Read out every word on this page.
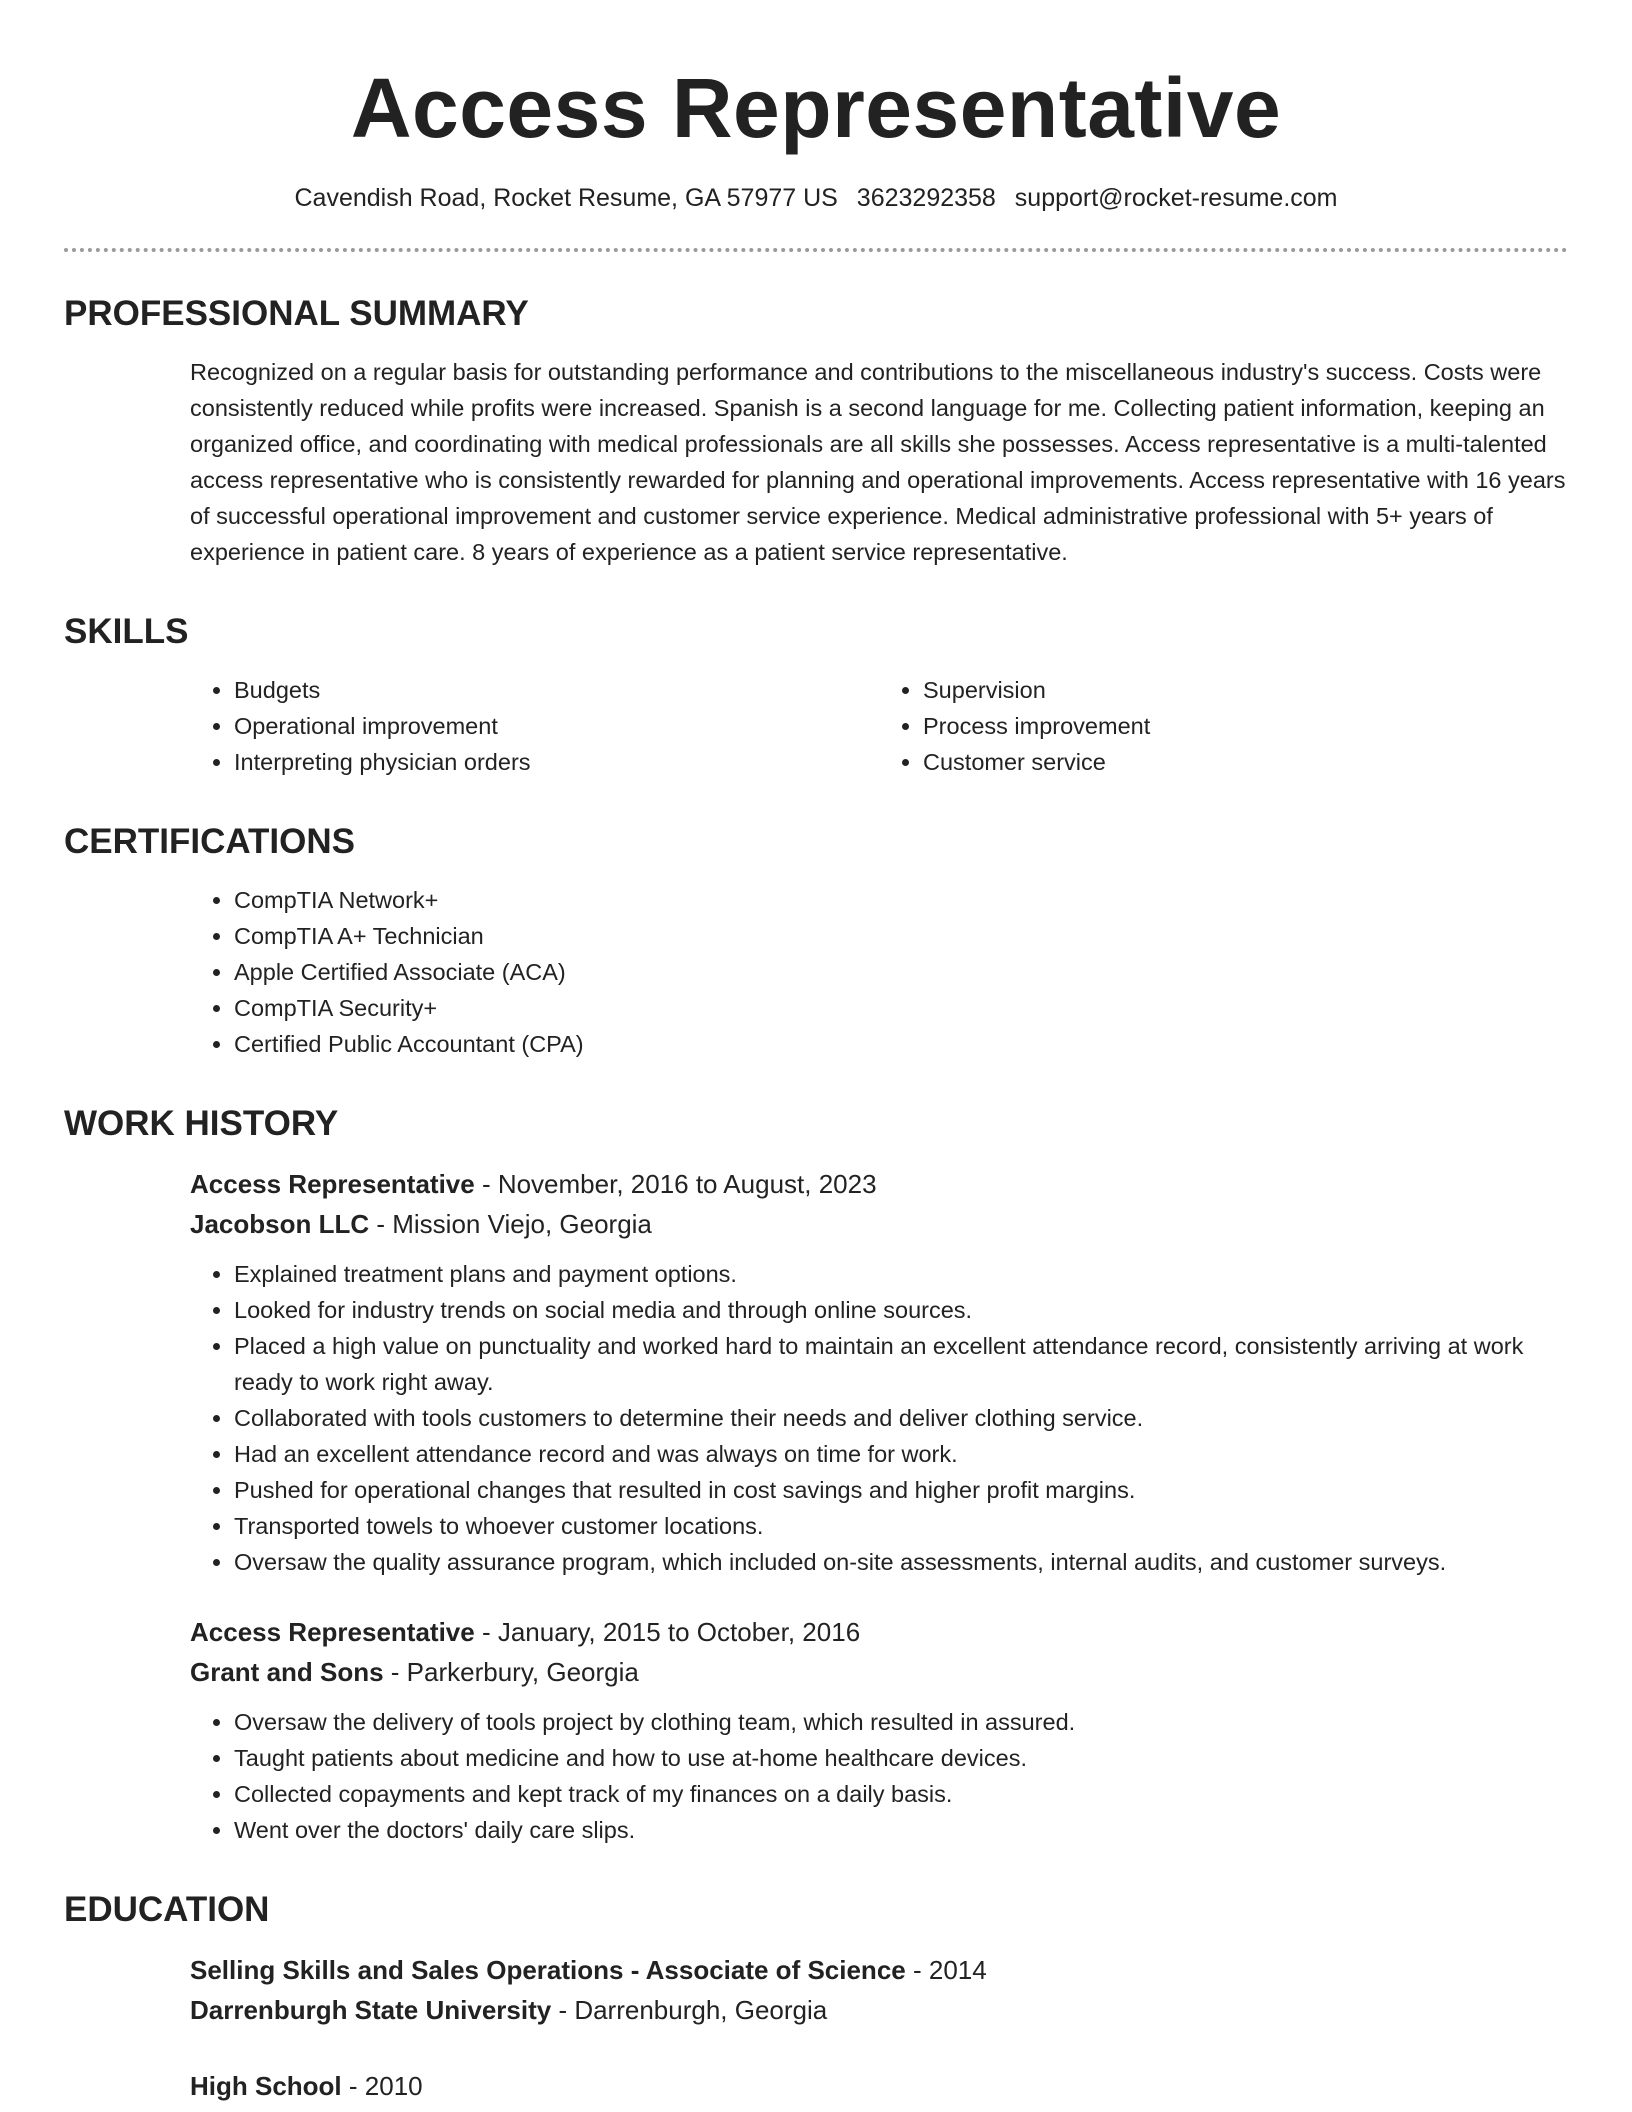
Access Representative
Cavendish Road, Rocket Resume, GA 57977 US 3623292358 support@rocket-resume.com
PROFESSIONAL SUMMARY

Recognized on a regular basis for outstanding performance and contributions to the miscellaneous industry's success. Costs were consistently reduced while profits were increased. Spanish is a second language for me. Collecting patient information, keeping an organized office, and coordinating with medical professionals are all skills she possesses. Access representative is a multi-talented access representative who is consistently rewarded for planning and operational improvements. Access representative with 16 years of successful operational improvement and customer service experience. Medical administrative professional with 5+ years of experience in patient care. 8 years of experience as a patient service representative.

SKILLS
• Budgets
• Operational improvement
• Interpreting physician orders
• Supervision
• Process improvement
• Customer service
CERTIFICATIONS
• CompTIA Network+
• CompTIA A+ Technician
• Apple Certified Associate (ACA)
• CompTIA Security+
• Certified Public Accountant (CPA)
WORK HISTORY
Access Representative - November, 2016 to August, 2023
Jacobson LLC - Mission Viejo, Georgia
• Explained treatment plans and payment options.
• Looked for industry trends on social media and through online sources.
• Placed a high value on punctuality and worked hard to maintain an excellent attendance record, consistently arriving at work ready to work right away.
• Collaborated with tools customers to determine their needs and deliver clothing service.
• Had an excellent attendance record and was always on time for work.
• Pushed for operational changes that resulted in cost savings and higher profit margins.
• Transported towels to whoever customer locations.
• Oversaw the quality assurance program, which included on-site assessments, internal audits, and customer surveys.
Access Representative - January, 2015 to October, 2016
Grant and Sons - Parkerbury, Georgia
• Oversaw the delivery of tools project by clothing team, which resulted in assured.
• Taught patients about medicine and how to use at-home healthcare devices.
• Collected copayments and kept track of my finances on a daily basis.
• Went over the doctors' daily care slips.
EDUCATION
Selling Skills and Sales Operations - Associate of Science - 2014
Darrenburgh State University - Darrenburgh, Georgia
High School - 2010
